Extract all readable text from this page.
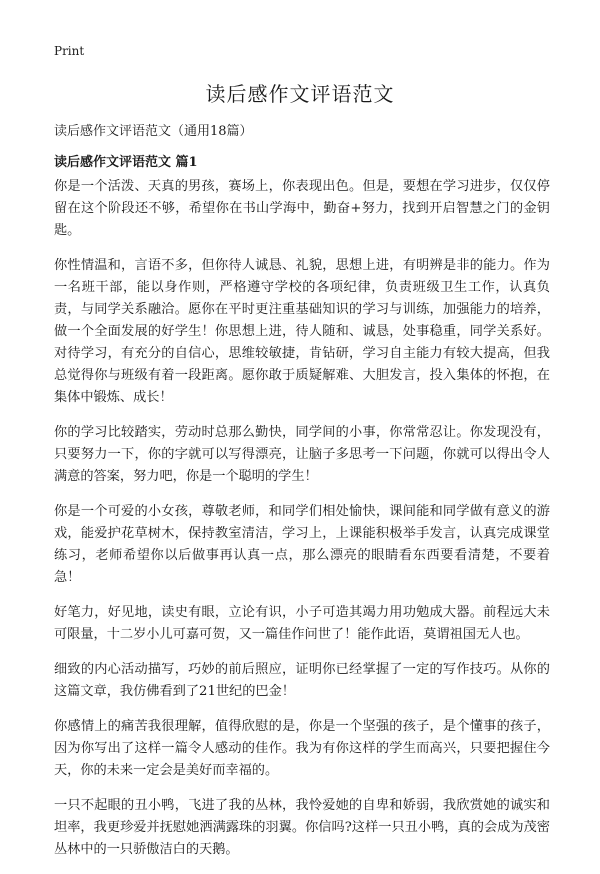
Print
读后感作文评语范文
读后感作文评语范文（通用18篇）
读后感作文评语范文 篇1

你是一个活泼、天真的男孩，赛场上，你表现出色。但是，要想在学习进步，仅仅停留在这个阶段还不够，希望你在书山学海中，勤奋+努力，找到开启智慧之门的金钥匙。

你性情温和，言语不多，但你待人诚恳、礼貌，思想上进，有明辨是非的能力。作为一名班干部，能以身作则，严格遵守学校的各项纪律，负责班级卫生工作，认真负责，与同学关系融洽。愿你在平时更注重基础知识的学习与训练，加强能力的培养，做一个全面发展的好学生！你思想上进，待人随和、诚恳，处事稳重，同学关系好。对待学习，有充分的自信心，思维较敏捷，肯钻研，学习自主能力有较大提高，但我总觉得你与班级有着一段距离。愿你敢于质疑解难、大胆发言，投入集体的怀抱，在集体中锻炼、成长！

你的学习比较踏实，劳动时总那么勤快，同学间的小事，你常常忍让。你发现没有，只要努力一下，你的字就可以写得漂亮，让脑子多思考一下问题，你就可以得出令人满意的答案，努力吧，你是一个聪明的学生！

你是一个可爱的小女孩，尊敬老师，和同学们相处愉快，课间能和同学做有意义的游戏，能爱护花草树木，保持教室清洁，学习上，上课能积极举手发言，认真完成课堂练习，老师希望你以后做事再认真一点，那么漂亮的眼睛看东西要看清楚，不要着急！

好笔力，好见地，读史有眼，立论有识，小子可造其竭力用功勉成大器。前程远大未可限量，十二岁小儿可嘉可贺，又一篇佳作问世了！能作此语，莫谓祖国无人也。

细致的内心活动描写，巧妙的前后照应，证明你已经掌握了一定的写作技巧。从你的这篇文章，我仿佛看到了21世纪的巴金！

你感情上的痛苦我很理解，值得欣慰的是，你是一个坚强的孩子，是个懂事的孩子，因为你写出了这样一篇令人感动的佳作。我为有你这样的学生而高兴，只要把握住今天，你的未来一定会是美好而幸福的。

一只不起眼的丑小鸭，飞进了我的丛林，我怜爱她的自卑和娇弱，我欣赏她的诚实和坦率，我更珍爱并抚慰她洒满露珠的羽翼。你信吗?这样一只丑小鸭，真的会成为茂密丛林中的一只骄傲洁白的天鹅。
